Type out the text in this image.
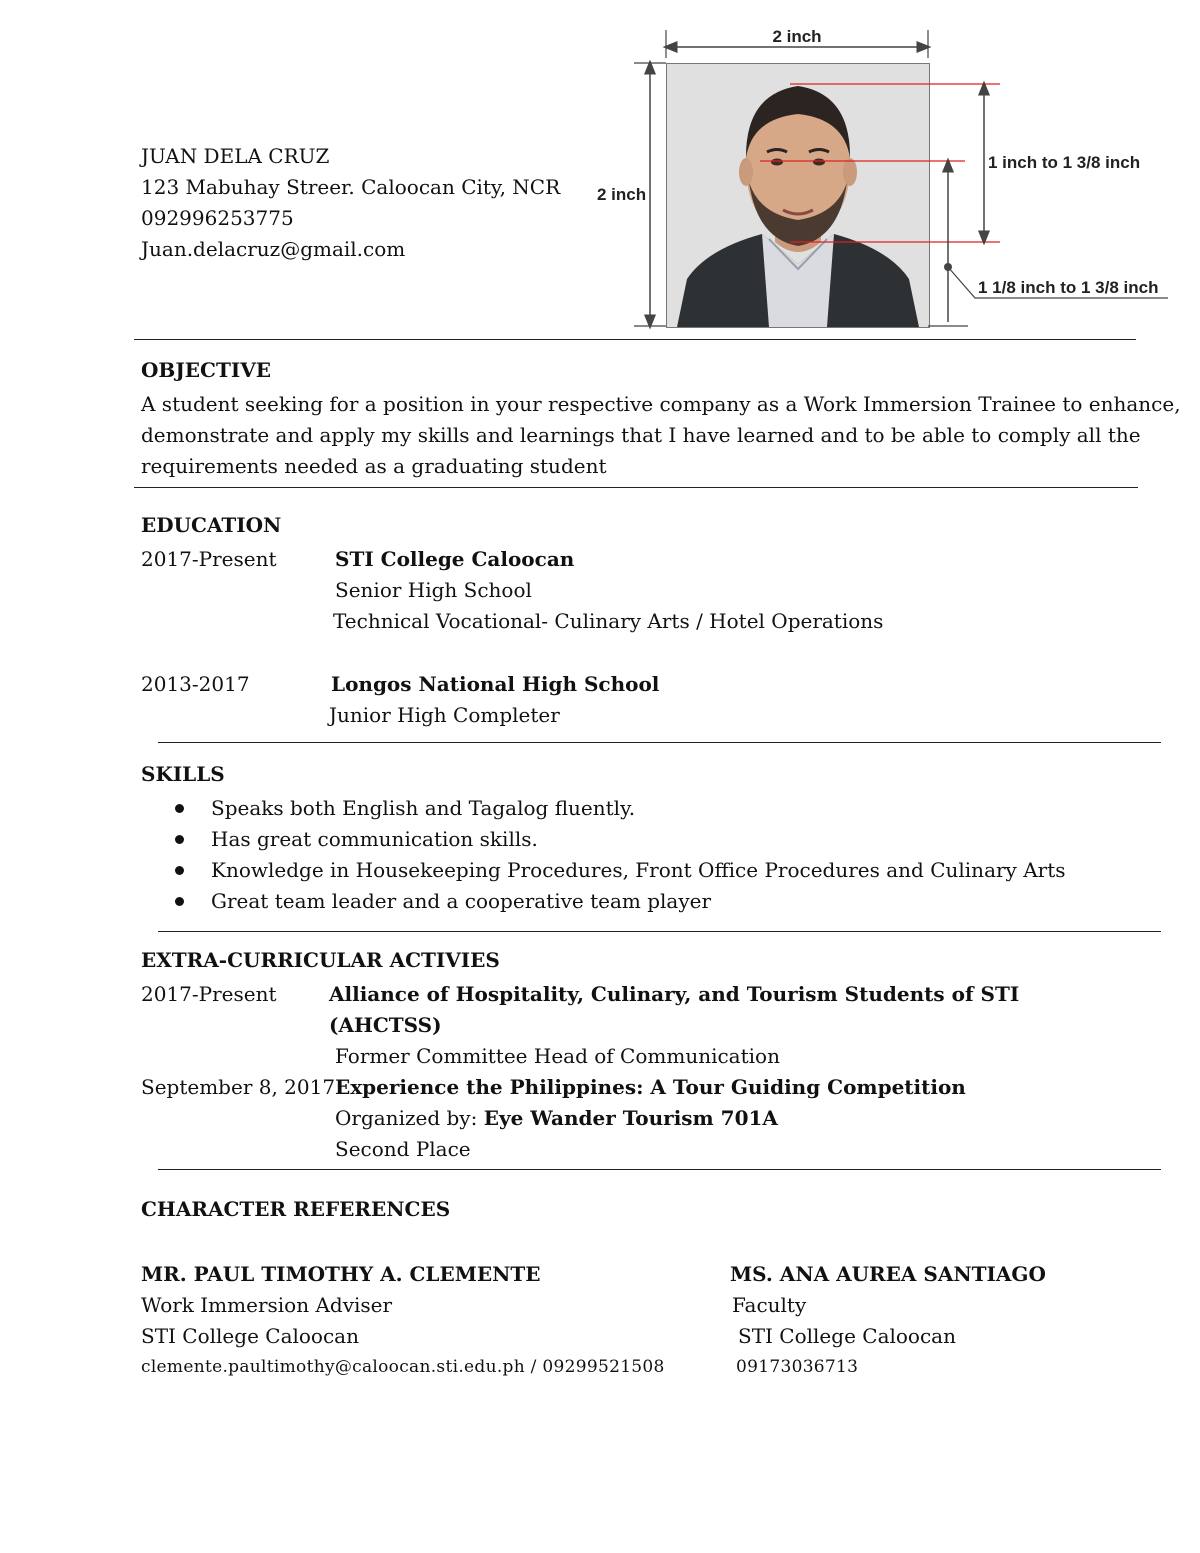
JUAN DELA CRUZ
123 Mabuhay Streer. Caloocan City, NCR
092996253775
Juan.delacruz@gmail.com
2 inch
2 inch
1 inch to 1 3/8 inch
1 1/8 inch to 1 3/8 inch
OBJECTIVE
A student seeking for a position in your respective company as a Work Immersion Trainee to enhance,
demonstrate and apply my skills and learnings that I have learned and to be able to comply all the
requirements needed as a graduating student
EDUCATION
2017-Present	STI College Caloocan
Senior High School
Technical Vocational- Culinary Arts / Hotel Operations
2013-2017	Longos National High School
Junior High Completer
SKILLS
Speaks both English and Tagalog fluently.
Has great communication skills.
Knowledge in Housekeeping Procedures, Front Office Procedures and Culinary Arts
Great team leader and a cooperative team player
EXTRA-CURRICULAR ACTIVIES
2017-Present	Alliance of Hospitality, Culinary, and Tourism Students of STI
(AHCTSS)
Former Committee Head of Communication
September 8, 2017 Experience the Philippines: A Tour Guiding Competition
Organized by: Eye Wander Tourism 701A
Second Place
CHARACTER REFERENCES
MR. PAUL TIMOTHY A. CLEMENTE
Work Immersion Adviser
STI College Caloocan
clemente.paultimothy@caloocan.sti.edu.ph / 09299521508
MS. ANA AUREA SANTIAGO
Faculty
STI College Caloocan
09173036713
